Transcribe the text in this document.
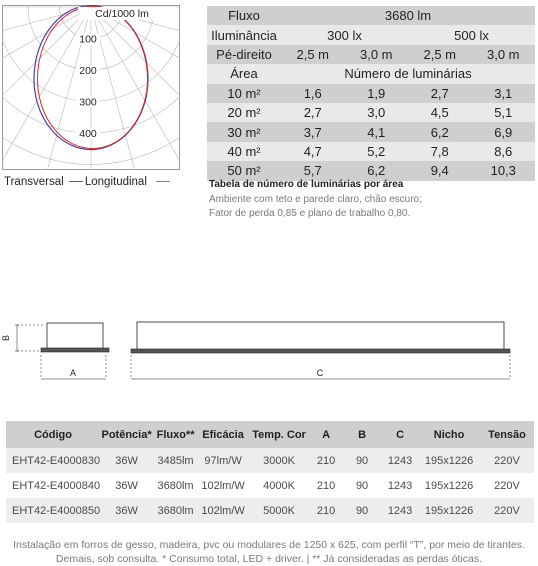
Cd/1000 lm
100
200
300
400
Transversal Longitudinal
Fluxo	3680 lm			
Iluminância	300 lx		500 lx	
Pé-direito	2,5 m	3,0 m	2,5 m	3,0 m
Área	Número de luminárias			
10 m²	1,6	1,9	2,7	3,1
20 m²	2,7	3,0	4,5	5,1
30 m²	3,7	4,1	6,2	6,9
40 m²	4,7	5,2	7,8	8,6
50 m²	5,7	6,2	9,4	10,3
Tabela de número de luminárias por área
Ambiente com teto e parede claro, chão escuro;
Fator de perda 0,85 e plano de trabalho 0,80.
B
A	C
Código	Potência*	Fluxo**	Eficácia	Temp. Cor	A	B	C	Nicho	Tensão
EHT42-E4000830	36W	3485lm	97lm/W	3000K	210	90	1243	195x1226	220V
EHT42-E4000840	36W	3680lm	102lm/W	4000K	210	90	1243	195x1226	220V
EHT42-E4000850	36W	3680lm	102lm/W	5000K	210	90	1243	195x1226	220V
Instalação em forros de gesso, madeira, pvc ou modulares de 1250 x 625, com perfil “T”, por meio de tirantes.
Demais, sob consulta. * Consumo total, LED + driver. | ** Já consideradas as perdas óticas.
